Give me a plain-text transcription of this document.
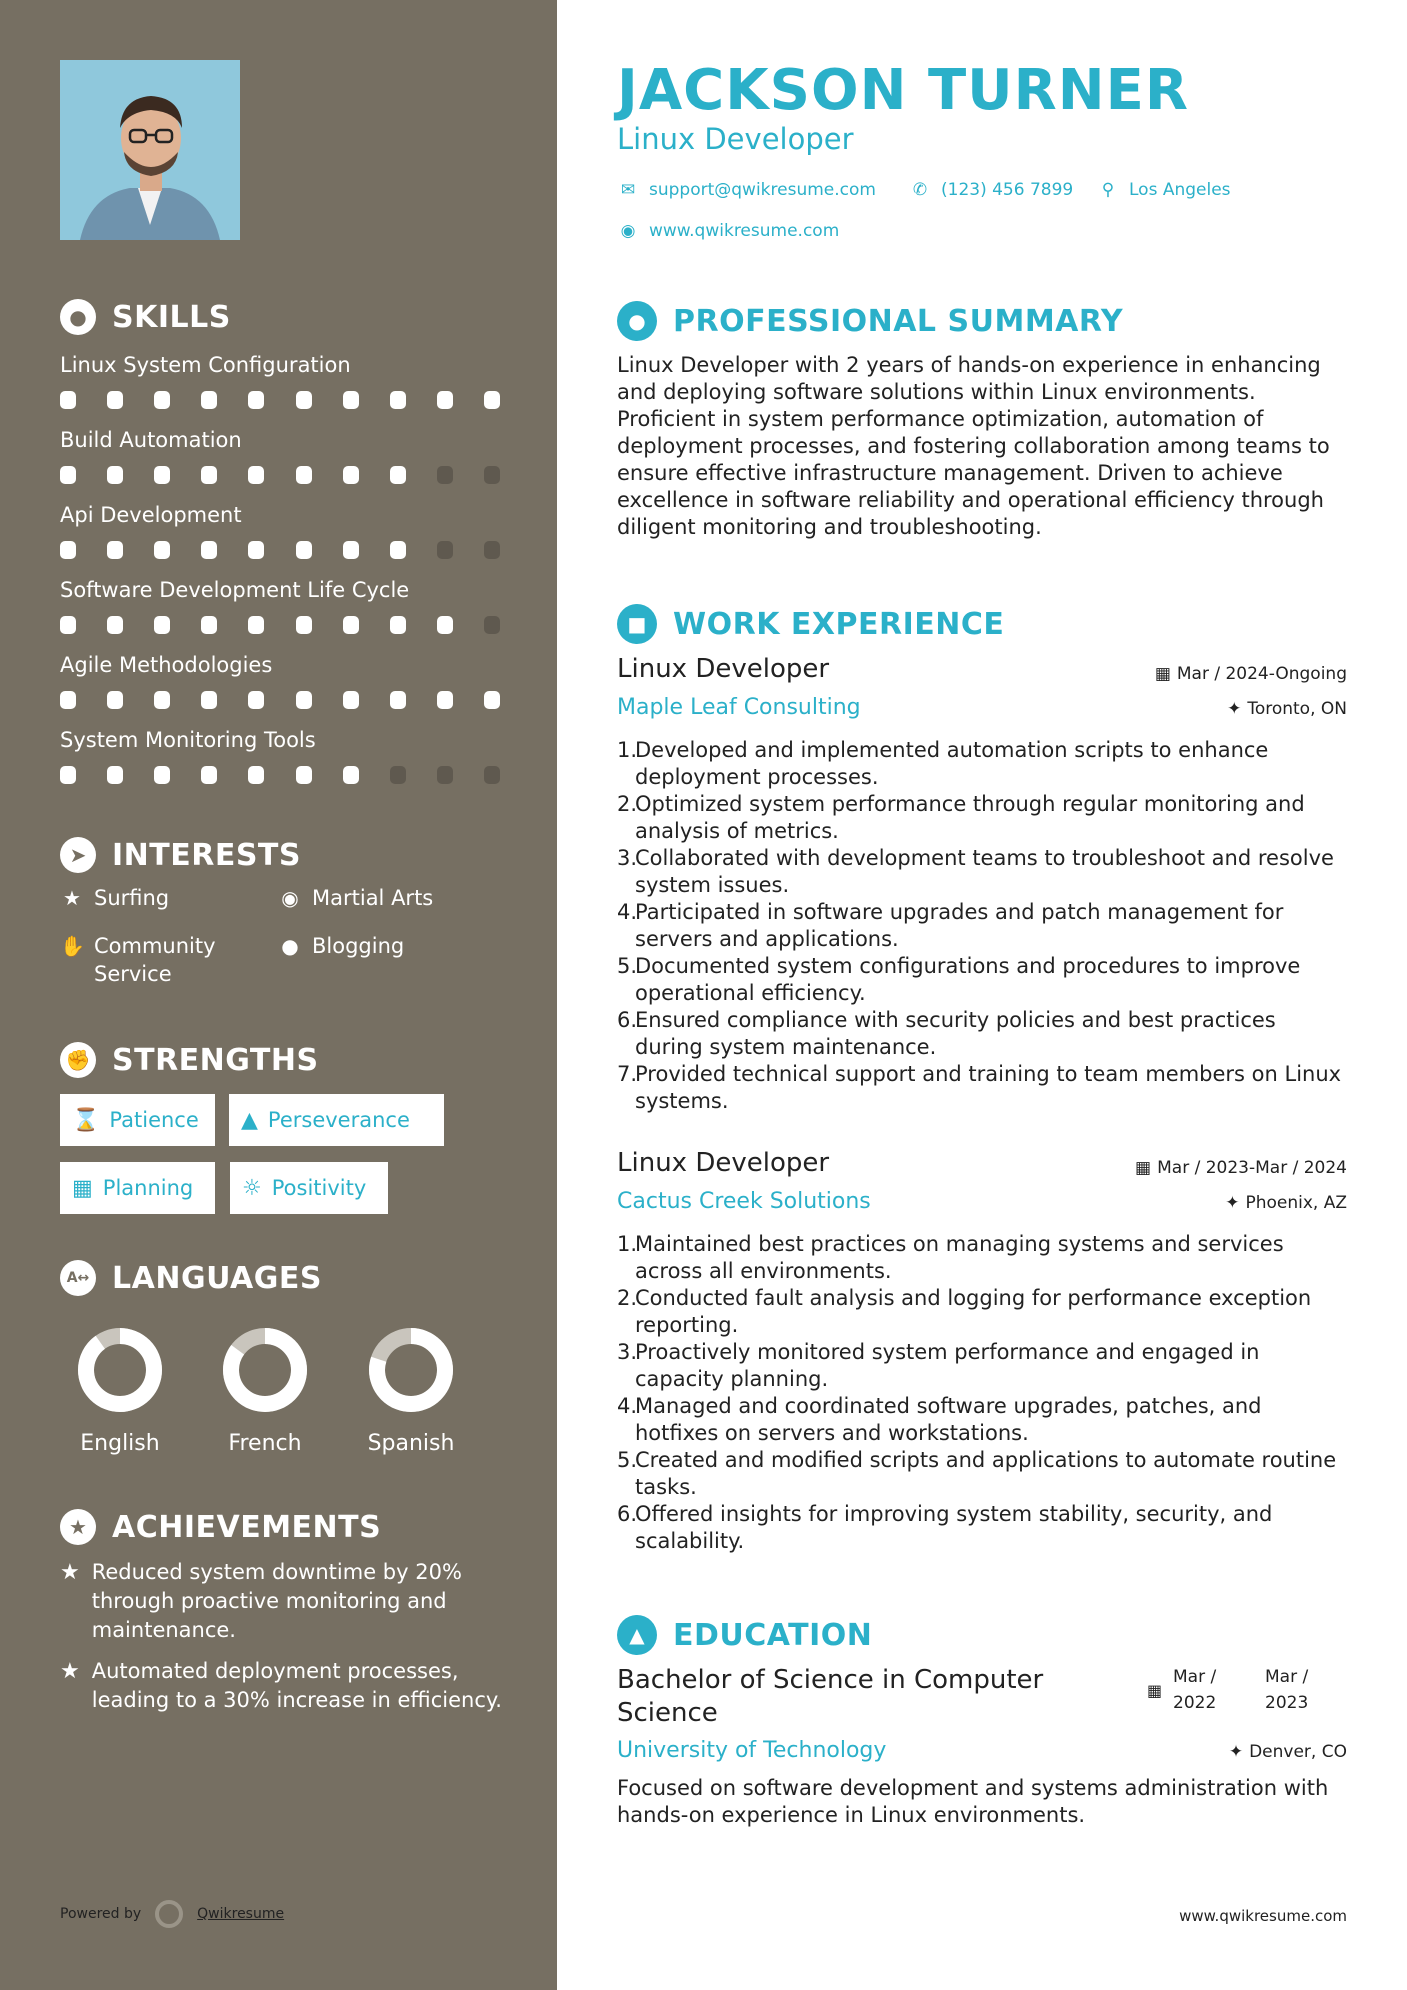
● SKILLS
Linux System Configuration
Build Automation
Api Development
Software Development Life Cycle
Agile Methodologies
System Monitoring Tools
➤ INTERESTS
★ Surfing	◉ Martial Arts
✋ Community Service
● Blogging
✊ STRENGTHS
⌛ Patience ▲ Perseverance
▦ Planning ☼ Positivity
A↔ LANGUAGES
English	French	Spanish
★ ACHIEVEMENTS
★ Reduced system downtime by 20% through proactive monitoring and maintenance.
★ Automated deployment processes, leading to a 30% increase in efficiency.
Powered by	Qwikresume
JACKSON TURNER
Linux Developer
✉ support@qwikresume.com ✆ (123) 456 7899 ⚲ Los Angeles
◉ www.qwikresume.com
● PROFESSIONAL SUMMARY
Linux Developer with 2 years of hands-on experience in enhancing and deploying software solutions within Linux environments. Proficient in system performance optimization, automation of deployment processes, and fostering collaboration among teams to ensure effective infrastructure management. Driven to achieve excellence in software reliability and operational efficiency through diligent monitoring and troubleshooting.
■ WORK EXPERIENCE
Linux Developer	▦ Mar / 2024-Ongoing
Maple Leaf Consulting	✦ Toronto, ON
1.
Developed and implemented automation scripts to enhance deployment processes.
2.
Optimized system performance through regular monitoring and analysis of metrics.
3.
Collaborated with development teams to troubleshoot and resolve system issues.
4.
Participated in software upgrades and patch management for servers and applications.
5.
Documented system configurations and procedures to improve operational efficiency.
6.
Ensured compliance with security policies and best practices during system maintenance.
7.
Provided technical support and training to team members on Linux systems.
Linux Developer	▦ Mar / 2023-Mar / 2024
Cactus Creek Solutions	✦ Phoenix, AZ
1.
Maintained best practices on managing systems and services across all environments.
2.
Conducted fault analysis and logging for performance exception reporting.
3.
Proactively monitored system performance and engaged in capacity planning.
4.
Managed and coordinated software upgrades, patches, and hotfixes on servers and workstations.
5.
Created and modified scripts and applications to automate routine tasks.
6.
Offered insights for improving system stability, security, and scalability.
▲ EDUCATION
Bachelor of Science in Computer Science
▦
Mar /
2022

Mar /
2023
University of Technology	✦ Denver, CO
Focused on software development and systems administration with hands-on experience in Linux environments.
www.qwikresume.com
